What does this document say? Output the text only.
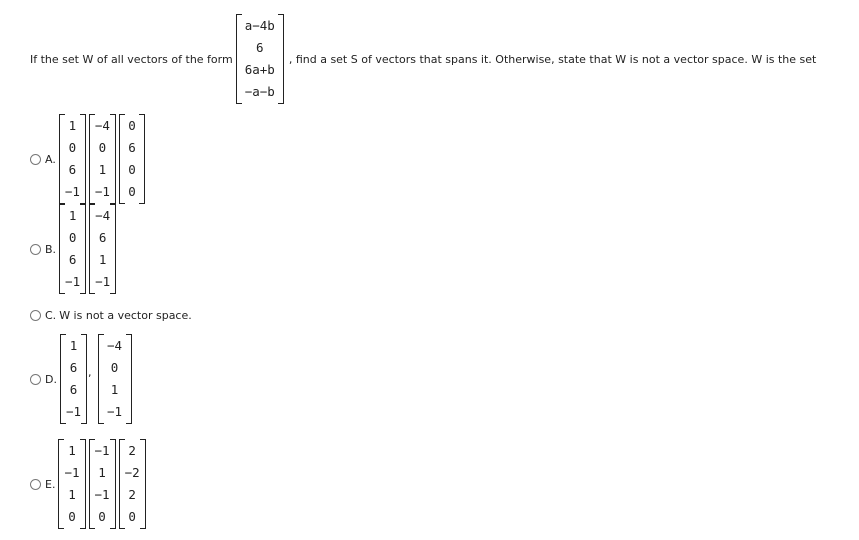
If the set W of all vectors of the form
a−4b
6
6a+b
−a−b
, find a set S of vectors that spans it. Otherwise, state that W is not a vector space. W is the set
A.
1
0
6
−1
−4
0
1
−1
0
6
0
0
B.
1
0
6
−1
−4
6
1
−1
C. W is not a vector space.
D.
1
6
6
−1
,
−4
0
1
−1
E.
1
−1
1
0
−1
1
−1
0
2
−2
2
0
